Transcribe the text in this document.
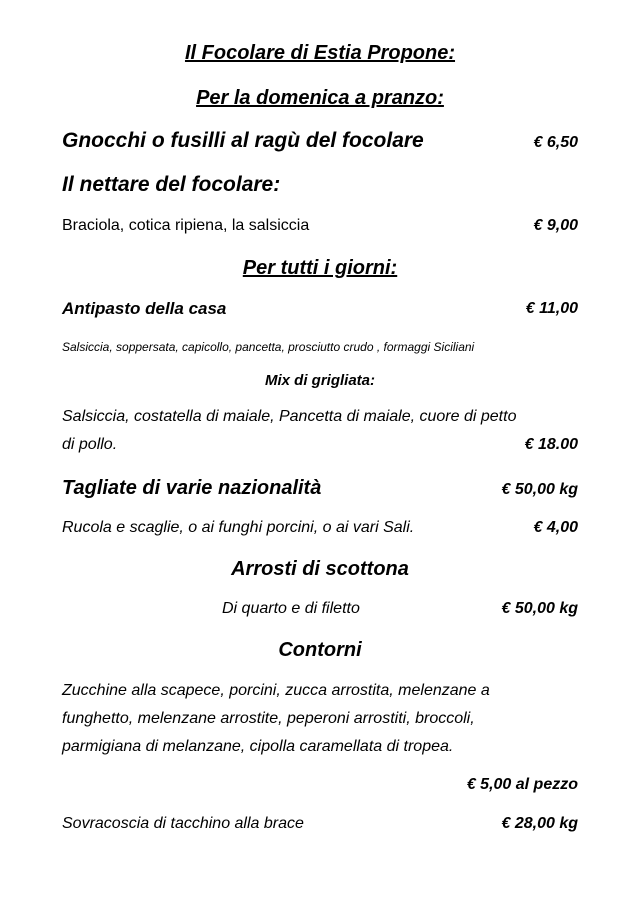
Il Focolare di Estia Propone:
Per la domenica a pranzo:
Gnocchi o fusilli al ragù del focolare	€ 6,50
Il nettare del focolare:
Braciola, cotica ripiena, la salsiccia	€ 9,00
Per tutti i giorni:
Antipasto della casa	€ 11,00
Salsiccia, soppersata, capicollo, pancetta, prosciutto crudo , formaggi Siciliani
Mix di grigliata:
Salsiccia, costatella di maiale, Pancetta di maiale, cuore di petto
di pollo.	€ 18.00
Tagliate di varie nazionalità	€ 50,00 kg
Rucola e scaglie, o ai funghi porcini, o ai vari Sali.	€ 4,00
Arrosti di scottona
Di quarto e di filetto	€ 50,00 kg
Contorni
Zucchine alla scapece, porcini, zucca arrostita, melenzane a
funghetto, melenzane arrostite, peperoni arrostiti, broccoli,
parmigiana di melanzane, cipolla caramellata di tropea.
€ 5,00 al pezzo
Sovracoscia di tacchino alla brace	€ 28,00 kg
